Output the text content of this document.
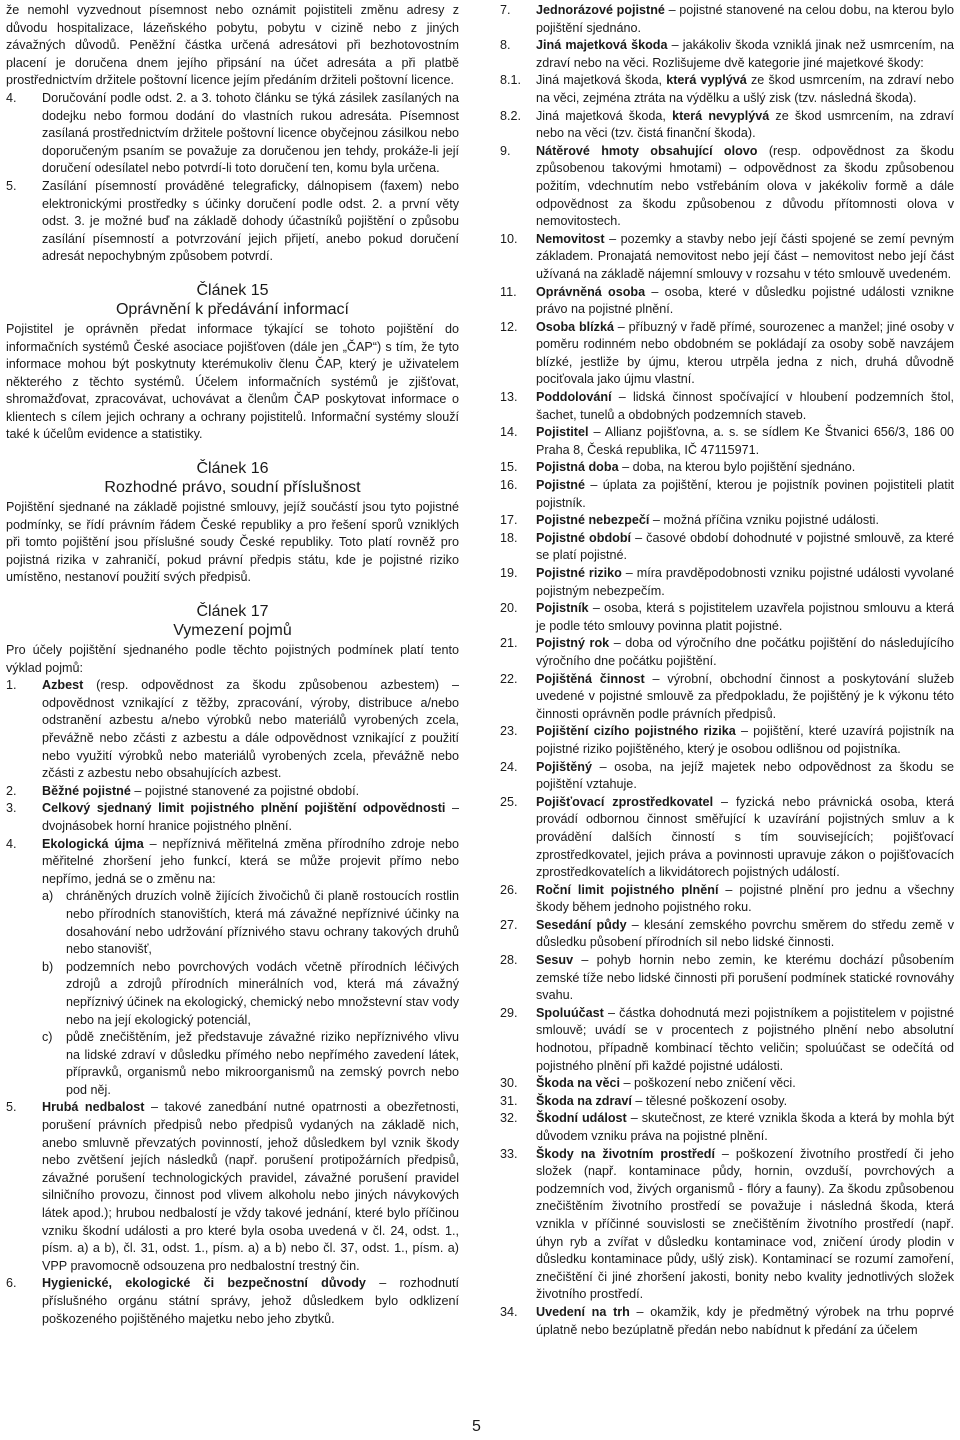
že nemohl vyzvednout písemnost nebo oznámit pojistiteli změnu adresy z důvodu hospitalizace, lázeňského pobytu, pobytu v cizině nebo z jiných závažných důvodů. Peněžní částka určená adresátovi při bezhotovostním placení je doručena dnem jejího připsání na účet adresáta a při platbě prostřednictvím držitele poštovní licence jejím předáním držiteli poštovní licence.

4.	Doručování podle odst. 2. a 3. tohoto článku se týká zásilek zasílaných na dodejku nebo formou dodání do vlastních rukou adresáta. Písemnost zasílaná prostřednictvím držitele poštovní licence obyčejnou zásilkou nebo doporučeným psaním se považuje za doručenou jen tehdy, prokáže-li její doručení odesílatel nebo potvrdí-li toto doručení ten, komu byla určena.
5.	Zasílání písemností prováděné telegraficky, dálnopisem (faxem) nebo elektronickými prostředky s účinky doručení podle odst. 2. a první věty odst. 3. je možné buď na základě dohody účastníků pojištění o způsobu zasílání písemností a potvrzování jejich přijetí, anebo pokud doručení adresát nepochybným způsobem potvrdí.
Článek 15
Oprávnění k předávání informací

Pojistitel je oprávněn předat informace týkající se tohoto pojištění do informačních systémů České asociace pojišťoven (dále jen „ČAP“) s tím, že tyto informace mohou být poskytnuty kterémukoliv členu ČAP, který je uživatelem některého z těchto systémů. Účelem informačních systémů je zjišťovat, shromažďovat, zpracovávat, uchovávat a členům ČAP poskytovat informace o klientech s cílem jejich ochrany a ochrany pojistitelů. Informační systémy slouží také k účelům evidence a statistiky.

Článek 16
Rozhodné právo, soudní příslušnost

Pojištění sjednané na základě pojistné smlouvy, jejíž součástí jsou tyto pojistné podmínky, se řídí právním řádem České republiky a pro řešení sporů vzniklých při tomto pojištění jsou příslušné soudy České republiky. Toto platí rovněž pro pojistná rizika v zahraničí, pokud právní předpis státu, kde je pojistné riziko umístěno, nestanoví použití svých předpisů.

Článek 17
Vymezení pojmů

Pro účely pojištění sjednaného podle těchto pojistných podmínek platí tento výklad pojmů:

1.	Azbest (resp. odpovědnost za škodu způsobenou azbestem) – odpovědnost vznikající z těžby, zpracování, výroby, distribuce a/nebo odstranění azbestu a/nebo výrobků nebo materiálů vyrobených zcela, převážně nebo zčásti z azbestu a dále odpovědnost vznikající z použití nebo využití výrobků nebo materiálů vyrobených zcela, převážně nebo zčásti z azbestu nebo obsahujících azbest.
2.	Běžné pojistné – pojistné stanovené za pojistné období.
3.	Celkový sjednaný limit pojistného plnění pojištění odpovědnosti – dvojnásobek horní hranice pojistného plnění.
4.	Ekologická újma – nepříznivá měřitelná změna přírodního zdroje nebo měřitelné zhoršení jeho funkcí, která se může projevit přímo nebo nepřímo, jedná se o změnu na:
a)	chráněných druzích volně žijících živočichů či planě rostoucích rostlin nebo přírodních stanovištích, která má závažné nepříznivé účinky na dosahování nebo udržování příznivého stavu ochrany takových druhů nebo stanovišť,
b)	podzemních nebo povrchových vodách včetně přírodních léčivých zdrojů a zdrojů přírodních minerálních vod, která má závažný nepříznivý účinek na ekologický, chemický nebo množstevní stav vody nebo na její ekologický potenciál,
c)	půdě znečištěním, jež představuje závažné riziko nepříznivého vlivu na lidské zdraví v důsledku přímého nebo nepřímého zavedení látek, přípravků, organismů nebo mikroorganismů na zemský povrch nebo pod něj.
5.	Hrubá nedbalost – takové zanedbání nutné opatrnosti a obezřetnosti, porušení právních předpisů nebo předpisů vydaných na základě nich, anebo smluvně převzatých povinností, jehož důsledkem byl vznik škody nebo zvětšení jejích následků (např. porušení protipožárních předpisů, závažné porušení technologických pravidel, závažné porušení pravidel silničního provozu, činnost pod vlivem alkoholu nebo jiných návykových látek apod.); hrubou nedbalostí je vždy takové jednání, které bylo příčinou vzniku škodní události a pro které byla osoba uvedená v čl. 24, odst. 1., písm. a) a b), čl. 31, odst. 1., písm. a) a b) nebo čl. 37, odst. 1., písm. a) VPP pravomocně odsouzena pro nedbalostní trestný čin.
6.	Hygienické, ekologické či bezpečnostní důvody – rozhodnutí příslušného orgánu státní správy, jehož důsledkem bylo odklizení poškozeného pojištěného majetku nebo jeho zbytků.
7.	Jednorázové pojistné – pojistné stanovené na celou dobu, na kterou bylo pojištění sjednáno.
8.	Jiná majetková škoda – jakákoliv škoda vzniklá jinak než usmrcením, na zdraví nebo na věci. Rozlišujeme dvě kategorie jiné majetkové škody:
8.1.	Jiná majetková škoda, která vyplývá ze škod usmrcením, na zdraví nebo na věci, zejména ztráta na výdělku a ušlý zisk (tzv. následná škoda).
8.2.	Jiná majetková škoda, která nevyplývá ze škod usmrcením, na zdraví nebo na věci (tzv. čistá finanční škoda).
9.	Nátěrové hmoty obsahující olovo (resp. odpovědnost za škodu způsobenou takovými hmotami) – odpovědnost za škodu způsobenou požitím, vdechnutím nebo vstřebáním olova v jakékoliv formě a dále odpovědnost za škodu způsobenou z důvodu přítomnosti olova v nemovitostech.
10.	Nemovitost – pozemky a stavby nebo její části spojené se zemí pevným základem. Pronajatá nemovitost nebo její část – nemovitost nebo její část užívaná na základě nájemní smlouvy v rozsahu v této smlouvě uvedeném.
11.	Oprávněná osoba – osoba, které v důsledku pojistné události vznikne právo na pojistné plnění.
12.	Osoba blízká – příbuzný v řadě přímé, sourozenec a manžel; jiné osoby v poměru rodinném nebo obdobném se pokládají za osoby sobě navzájem blízké, jestliže by újmu, kterou utrpěla jedna z nich, druhá důvodně pociťovala jako újmu vlastní.
13.	Poddolování – lidská činnost spočívající v hloubení podzemních štol, šachet, tunelů a obdobných podzemních staveb.
14.	Pojistitel – Allianz pojišťovna, a. s. se sídlem Ke Štvanici 656/3, 186 00 Praha 8, Česká republika, IČ 47115971.
15.	Pojistná doba – doba, na kterou bylo pojištění sjednáno.
16.	Pojistné – úplata za pojištění, kterou je pojistník povinen pojistiteli platit pojistník.
17.	Pojistné nebezpečí – možná příčina vzniku pojistné události.
18.	Pojistné období – časové období dohodnuté v pojistné smlouvě, za které se platí pojistné.
19.	Pojistné riziko – míra pravděpodobnosti vzniku pojistné události vyvolané pojistným nebezpečím.
20.	Pojistník – osoba, která s pojistitelem uzavřela pojistnou smlouvu a která je podle této smlouvy povinna platit pojistné.
21.	Pojistný rok – doba od výročního dne počátku pojištění do následujícího výročního dne počátku pojištění.
22.	Pojištěná činnost – výrobní, obchodní činnost a poskytování služeb uvedené v pojistné smlouvě za předpokladu, že pojištěný je k výkonu této činnosti oprávněn podle právních předpisů.
23.	Pojištění cizího pojistného rizika – pojištění, které uzavírá pojistník na pojistné riziko pojištěného, který je osobou odlišnou od pojistníka.
24.	Pojištěný – osoba, na jejíž majetek nebo odpovědnost za škodu se pojištění vztahuje.
25.	Pojišťovací zprostředkovatel – fyzická nebo právnická osoba, která provádí odbornou činnost směřující k uzavírání pojistných smluv a k provádění dalších činností s tím souvisejících; pojišťovací zprostředkovatel, jejich práva a povinnosti upravuje zákon o pojišťovacích zprostředkovatelích a likvidátorech pojistných událostí.
26.	Roční limit pojistného plnění – pojistné plnění pro jednu a všechny škody během jednoho pojistného roku.
27.	Sesedání půdy – klesání zemského povrchu směrem do středu země v důsledku působení přírodních sil nebo lidské činnosti.
28.	Sesuv – pohyb hornin nebo zemin, ke kterému dochází působením zemské tíže nebo lidské činnosti při porušení podmínek statické rovnováhy svahu.
29.	Spoluúčast – částka dohodnutá mezi pojistníkem a pojistitelem v pojistné smlouvě; uvádí se v procentech z pojistného plnění nebo absolutní hodnotou, případně kombinací těchto veličin; spoluúčast se odečítá od pojistného plnění při každé pojistné události.
30.	Škoda na věci – poškození nebo zničení věci.
31.	Škoda na zdraví – tělesné poškození osoby.
32.	Škodní událost – skutečnost, ze které vznikla škoda a která by mohla být důvodem vzniku práva na pojistné plnění.
33.	Škody na životním prostředí – poškození životního prostředí či jeho složek (např. kontaminace půdy, hornin, ovzduší, povrchových a podzemních vod, živých organismů - flóry a fauny). Za škodu způsobenou znečištěním životního prostředí se považuje i následná škoda, která vznikla v příčinné souvislosti se znečištěním životního prostředí (např. úhyn ryb a zvířat v důsledku kontaminace vod, zničení úrody plodin v důsledku kontaminace půdy, ušlý zisk). Kontaminací se rozumí zamoření, znečištění či jiné zhoršení jakosti, bonity nebo kvality jednotlivých složek životního prostředí.
34.	Uvedení na trh – okamžik, kdy je předmětný výrobek na trhu poprvé úplatně nebo bezúplatně předán nebo nabídnut k předání za účelem
5
